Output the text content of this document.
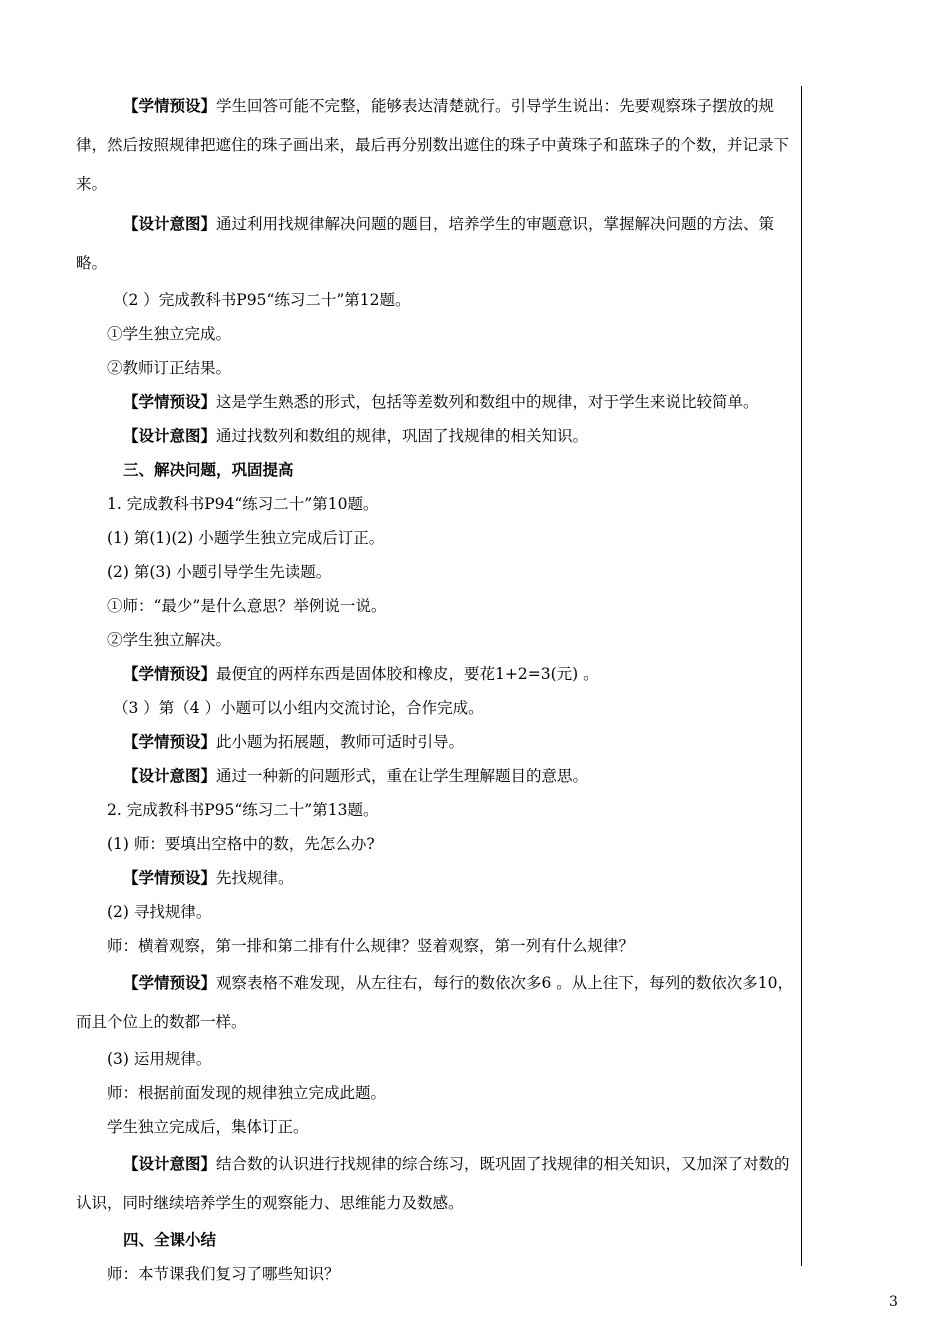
【学情预设】学生回答可能不完整，能够表达清楚就行。引导学生说出：先要观察珠子摆放的规律，然后按照规律把遮住的珠子画出来，最后再分别数出遮住的珠子中黄珠子和蓝珠子的个数，并记录下来。

【设计意图】通过利用找规律解决问题的题目，培养学生的审题意识，掌握解决问题的方法、策略。

（2 ）完成教科书P95“练习二十”第12题。

①学生独立完成。

②教师订正结果。

【学情预设】这是学生熟悉的形式，包括等差数列和数组中的规律，对于学生来说比较简单。

【设计意图】通过找数列和数组的规律，巩固了找规律的相关知识。

三、解决问题，巩固提高

1. 完成教科书P94“练习二十”第10题。

(1) 第(1)(2) 小题学生独立完成后订正。

(2) 第(3) 小题引导学生先读题。

①师：“最少”是什么意思？举例说一说。

②学生独立解决。

【学情预设】最便宜的两样东西是固体胶和橡皮，要花1+2=3(元) 。

（3 ）第（4 ）小题可以小组内交流讨论，合作完成。

【学情预设】此小题为拓展题，教师可适时引导。

【设计意图】通过一种新的问题形式，重在让学生理解题目的意思。

2. 完成教科书P95“练习二十”第13题。

(1) 师：要填出空格中的数，先怎么办?

【学情预设】先找规律。

(2) 寻找规律。

师：横着观察，第一排和第二排有什么规律？竖着观察，第一列有什么规律？

【学情预设】观察表格不难发现，从左往右，每行的数依次多6 。从上往下，每列的数依次多10，而且个位上的数都一样。

(3) 运用规律。

师：根据前面发现的规律独立完成此题。

学生独立完成后，集体订正。

【设计意图】结合数的认识进行找规律的综合练习，既巩固了找规律的相关知识，又加深了对数的认识，同时继续培养学生的观察能力、思维能力及数感。

四、全课小结

师：本节课我们复习了哪些知识？

3
